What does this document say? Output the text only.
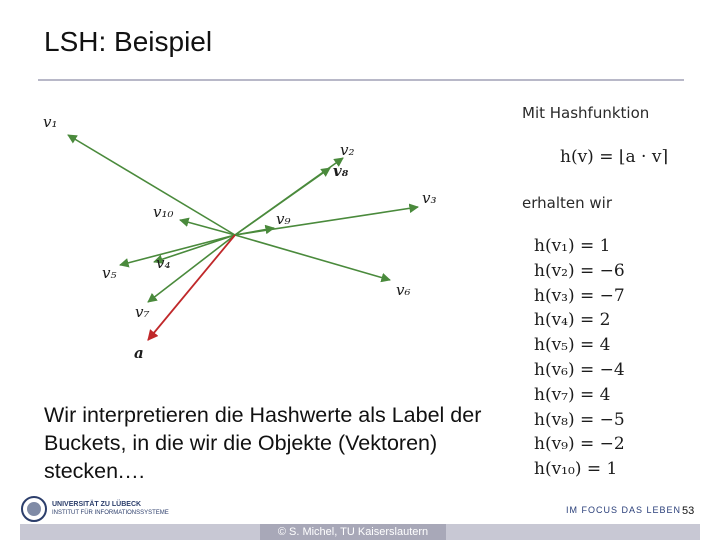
LSH: Beispiel
v₁
v₂
v₃
v₄
v₅
v₆
v₇
v₈
v₉
v₁₀
a
Mit Hashfunktion
h(v) = ⌊a · v⌉
erhalten wir
h(v₁) = 1
h(v₂) = −6
h(v₃) = −7
h(v₄) = 2
h(v₅) = 4
h(v₆) = −4
h(v₇) = 4
h(v₈) = −5
h(v₉) = −2
h(v₁₀) = 1
Wir interpretieren die Hashwerte als Label der Buckets, in die wir die Objekte (Vektoren) stecken.…
UNIVERSITÄT ZU LÜBECK
INSTITUT FÜR INFORMATIONSSYSTEME	IM FOCUS DAS LEBEN 53
© S. Michel, TU Kaiserslautern
